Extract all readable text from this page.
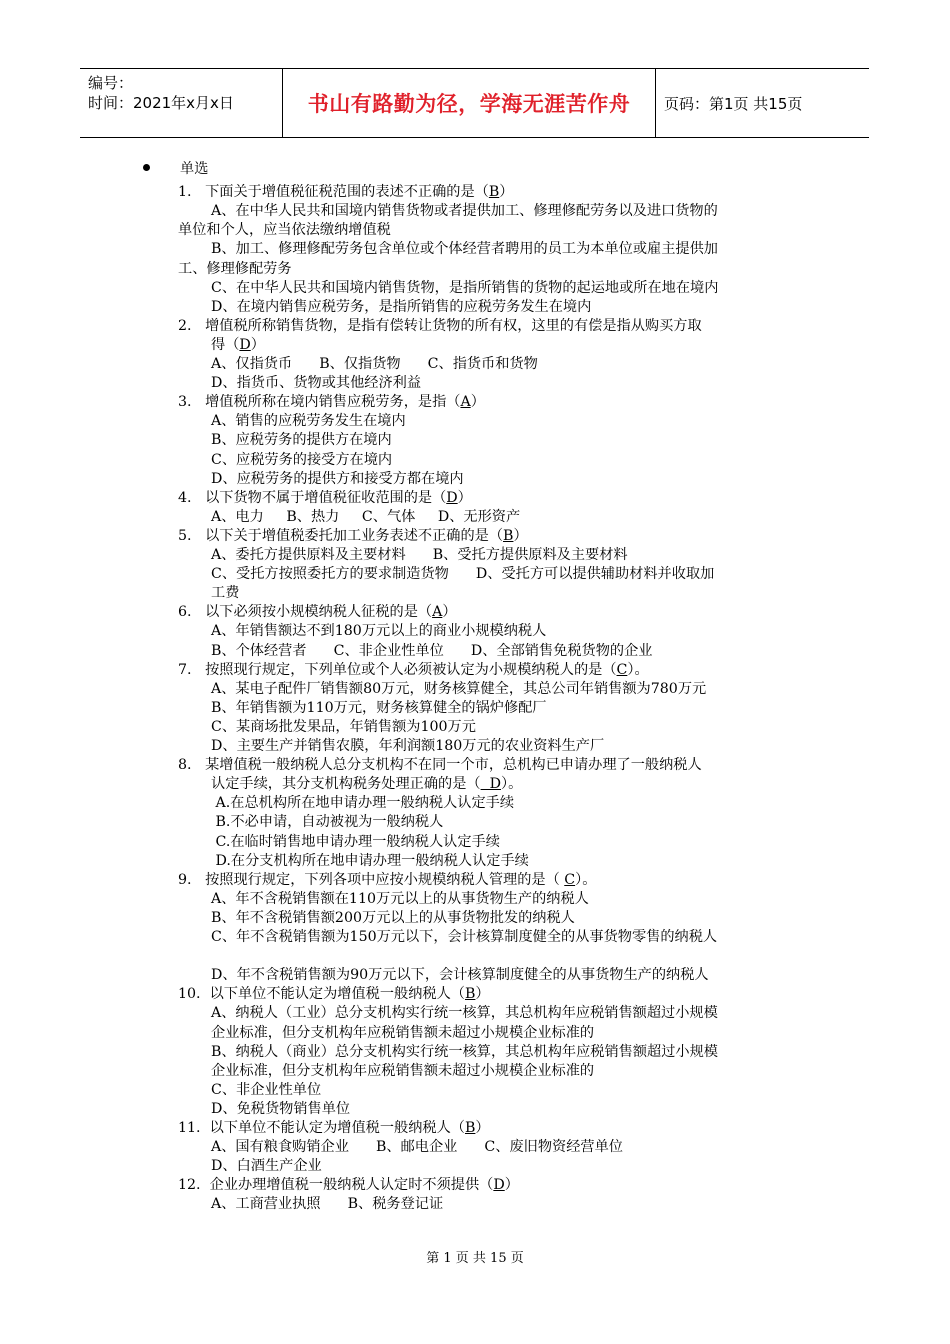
编号：
时间：2021年x月x日	书山有路勤为径，学海无涯苦作舟 页码：第1页 共15页
单选
1.   下面关于增值税征税范围的表述不正确的是（B）
A、在中华人民共和国境内销售货物或者提供加工、修理修配劳务以及进口货物的
单位和个人，应当依法缴纳增值税
B、加工、修理修配劳务包含单位或个体经营者聘用的员工为本单位或雇主提供加
工、修理修配劳务
C、在中华人民共和国境内销售货物，是指所销售的货物的起运地或所在地在境内
D、在境内销售应税劳务，是指所销售的应税劳务发生在境内
2.   增值税所称销售货物，是指有偿转让货物的所有权，这里的有偿是指从购买方取
得（D）
A、仅指货币      B、仅指货物      C、指货币和货物
D、指货币、货物或其他经济利益
3.   增值税所称在境内销售应税劳务，是指（A）
A、销售的应税劳务发生在境内
B、应税劳务的提供方在境内
C、应税劳务的接受方在境内
D、应税劳务的提供方和接受方都在境内
4.   以下货物不属于增值税征收范围的是（D）
A、电力     B、热力     C、气体     D、无形资产
5.   以下关于增值税委托加工业务表述不正确的是（B）
A、委托方提供原料及主要材料      B、受托方提供原料及主要材料
C、受托方按照委托方的要求制造货物      D、受托方可以提供辅助材料并收取加
工费
6.   以下必须按小规模纳税人征税的是（A）
A、年销售额达不到180万元以上的商业小规模纳税人
B、个体经营者      C、非企业性单位      D、全部销售免税货物的企业
7.   按照现行规定，下列单位或个人必须被认定为小规模纳税人的是（C）。
A、某电子配件厂销售额80万元，财务核算健全，其总公司年销售额为780万元
B、年销售额为110万元，财务核算健全的锅炉修配厂
C、某商场批发果品，年销售额为100万元
D、主要生产并销售农膜，年利润额180万元的农业资料生产厂
8.   某增值税一般纳税人总分支机构不在同一个市，总机构已申请办理了一般纳税人
认定手续，其分支机构税务处理正确的是（  D）。
A.在总机构所在地申请办理一般纳税人认定手续
B.不必申请，自动被视为一般纳税人
C.在临时销售地申请办理一般纳税人认定手续
D.在分支机构所在地申请办理一般纳税人认定手续
9.   按照现行规定，下列各项中应按小规模纳税人管理的是（ C）。
A、年不含税销售额在110万元以上的从事货物生产的纳税人
B、年不含税销售额200万元以上的从事货物批发的纳税人
C、年不含税销售额为150万元以下，会计核算制度健全的从事货物零售的纳税人
D、年不含税销售额为90万元以下，会计核算制度健全的从事货物生产的纳税人
10.  以下单位不能认定为增值税一般纳税人（B）
A、纳税人（工业）总分支机构实行统一核算，其总机构年应税销售额超过小规模
企业标准，但分支机构年应税销售额未超过小规模企业标准的
B、纳税人（商业）总分支机构实行统一核算，其总机构年应税销售额超过小规模
企业标准，但分支机构年应税销售额未超过小规模企业标准的
C、非企业性单位
D、免税货物销售单位
11.  以下单位不能认定为增值税一般纳税人（B）
A、国有粮食购销企业      B、邮电企业      C、废旧物资经营单位
D、白酒生产企业
12.  企业办理增值税一般纳税人认定时不须提供（D）
A、工商营业执照      B、税务登记证
第 1 页 共 15 页
